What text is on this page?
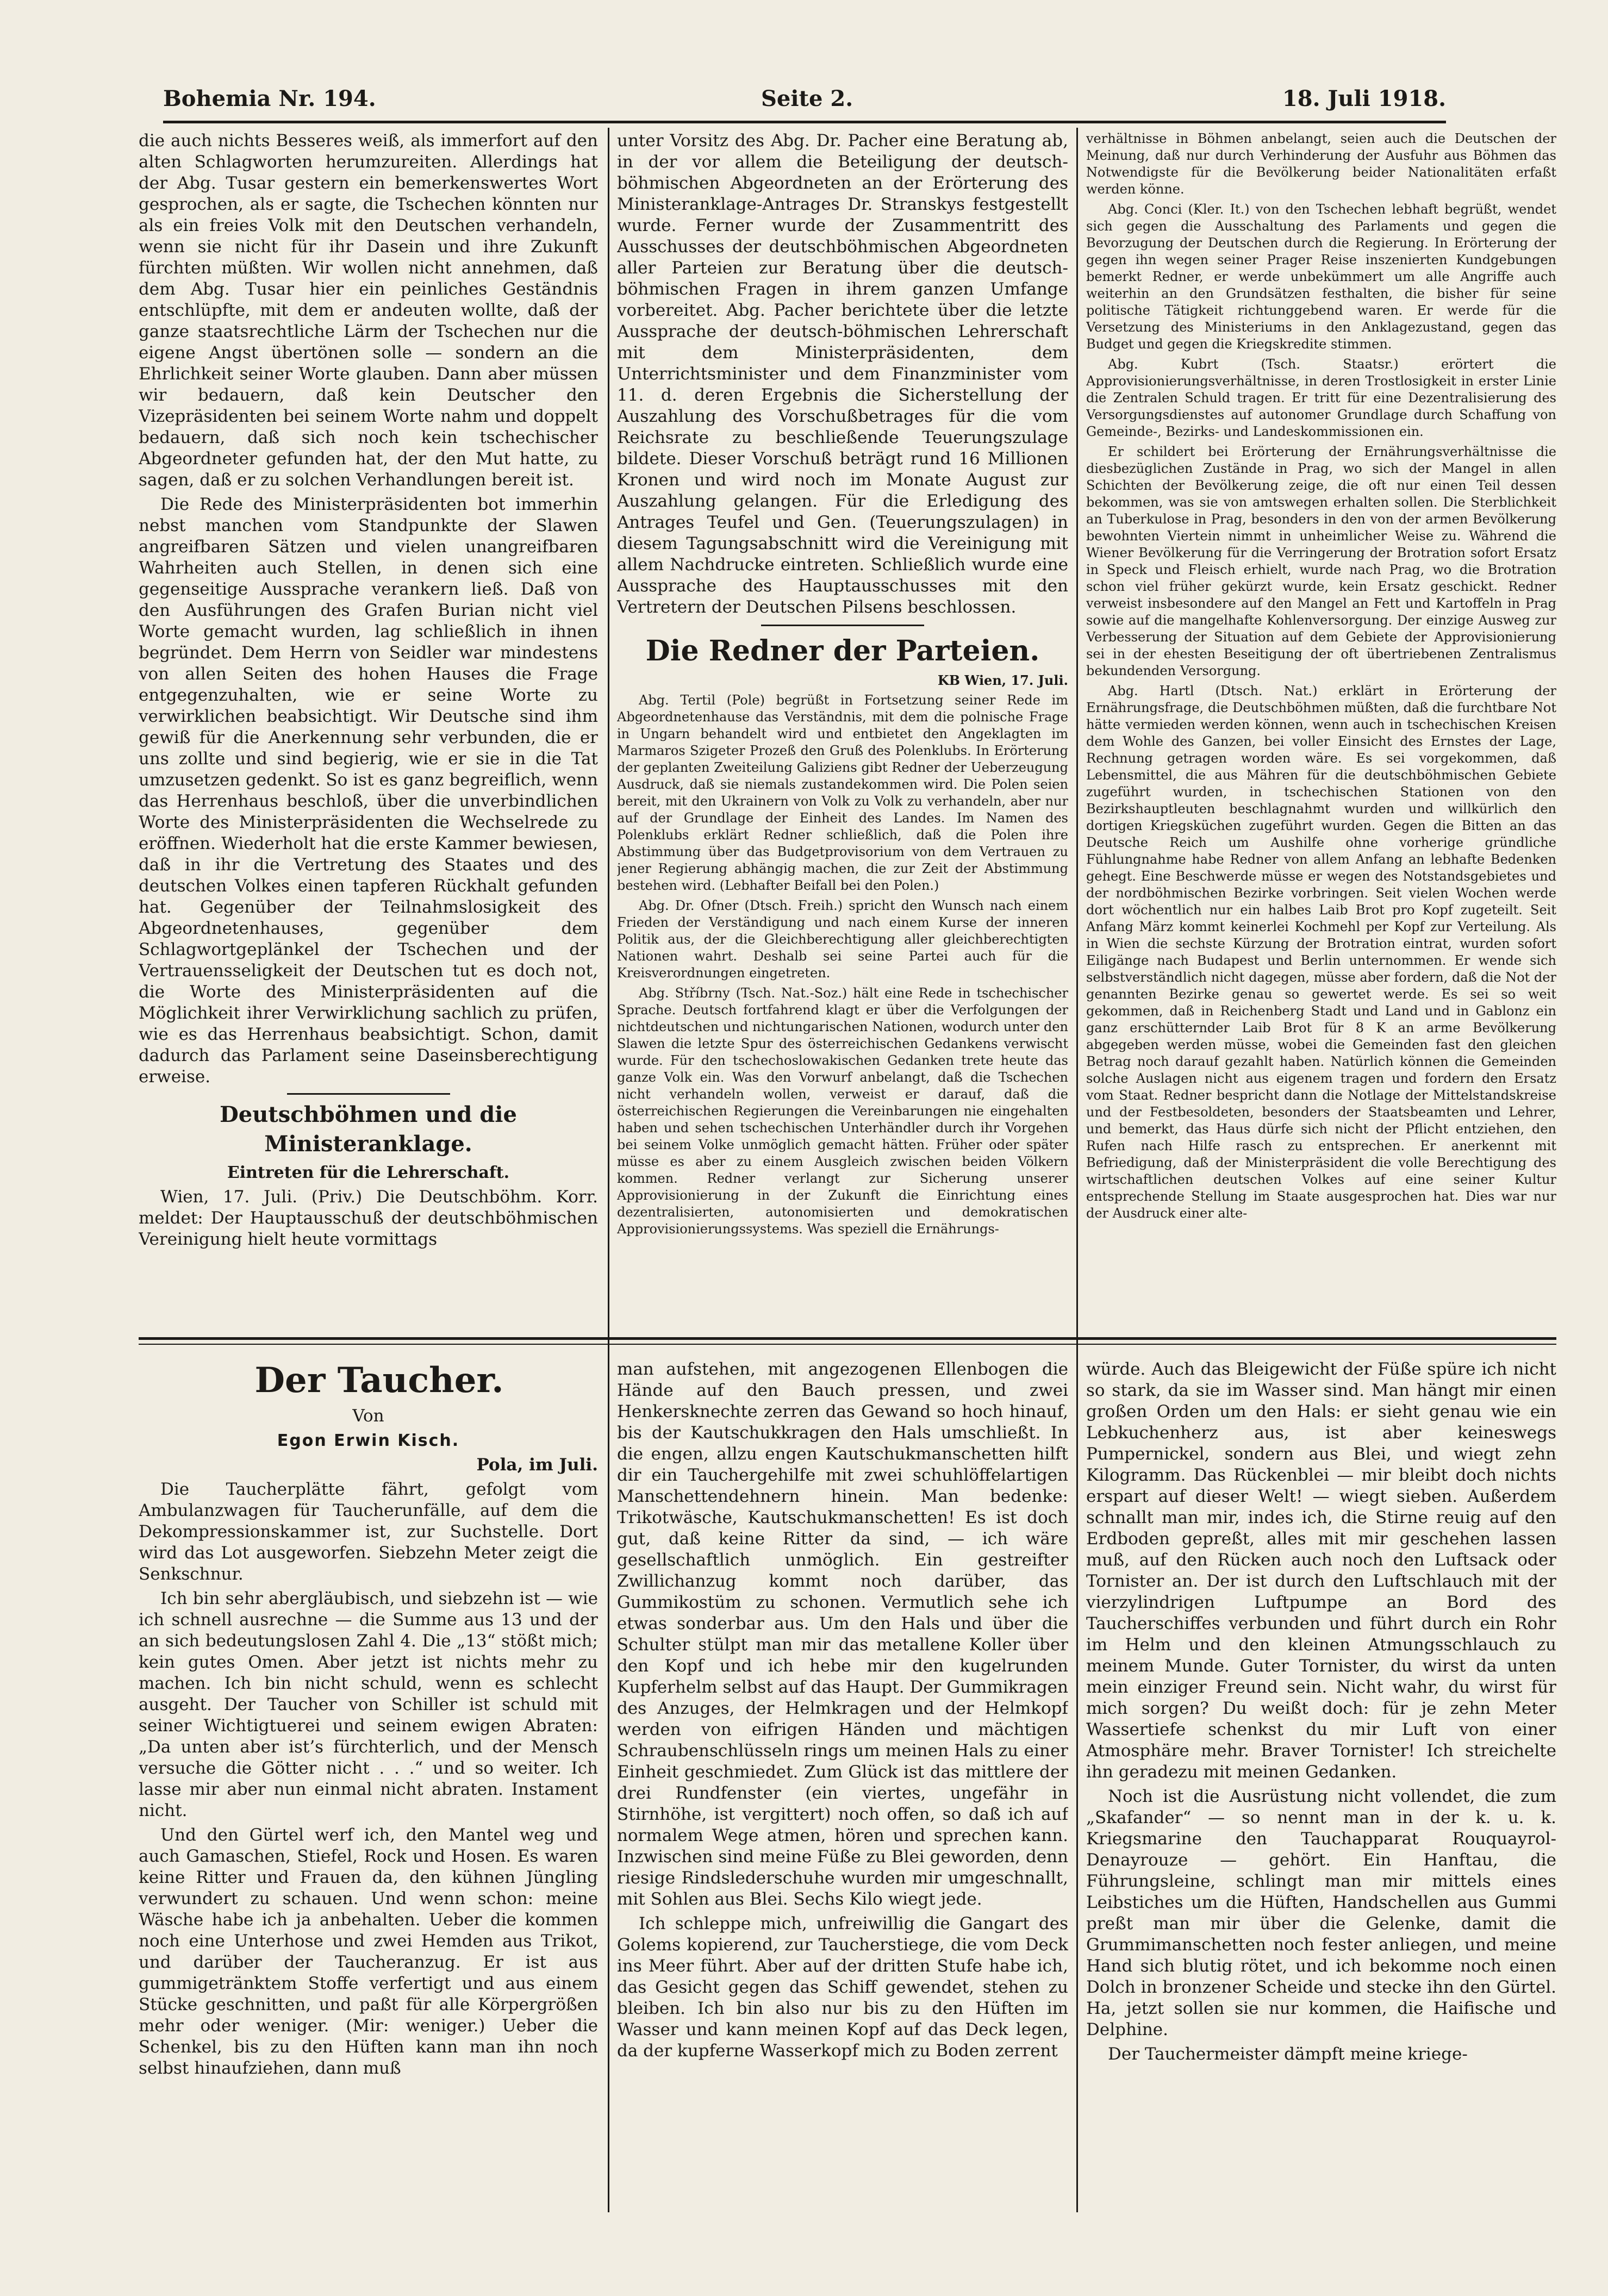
Bohemia Nr. 194.	Seite 2.	18. Juli 1918.

die auch nichts Besseres weiß, als immerfort auf den alten Schlagworten herumzureiten. Allerdings hat der Abg. Tusar gestern ein bemerkenswertes Wort gesprochen, als er sagte, die Tschechen könnten nur als ein freies Volk mit den Deutschen verhandeln, wenn sie nicht für ihr Dasein und ihre Zukunft fürchten müßten. Wir wollen nicht annehmen, daß dem Abg. Tusar hier ein peinliches Geständnis entschlüpfte, mit dem er andeuten wollte, daß der ganze staatsrechtliche Lärm der Tschechen nur die eigene Angst übertönen solle — sondern an die Ehrlichkeit seiner Worte glauben. Dann aber müssen wir bedauern, daß kein Deutscher den Vizepräsidenten bei seinem Worte nahm und doppelt bedauern, daß sich noch kein tschechischer Abgeordneter gefunden hat, der den Mut hatte, zu sagen, daß er zu solchen Verhandlungen bereit ist.

Die Rede des Ministerpräsidenten bot immerhin nebst manchen vom Standpunkte der Slawen angreifbaren Sätzen und vielen unangreifbaren Wahrheiten auch Stellen, in denen sich eine gegenseitige Aussprache verankern ließ. Daß von den Ausführungen des Grafen Burian nicht viel Worte gemacht wurden, lag schließlich in ihnen begründet. Dem Herrn von Seidler war mindestens von allen Seiten des hohen Hauses die Frage entgegenzuhalten, wie er seine Worte zu verwirklichen beabsichtigt. Wir Deutsche sind ihm gewiß für die Anerkennung sehr verbunden, die er uns zollte und sind begierig, wie er sie in die Tat umzusetzen gedenkt. So ist es ganz begreiflich, wenn das Herrenhaus beschloß, über die unverbindlichen Worte des Ministerpräsidenten die Wechselrede zu eröffnen. Wiederholt hat die erste Kammer bewiesen, daß in ihr die Vertretung des Staates und des deutschen Volkes einen tapferen Rückhalt gefunden hat. Gegenüber der Teilnahmslosigkeit des Abgeordnetenhauses, gegenüber dem Schlagwortgeplänkel der Tschechen und der Vertrauensseligkeit der Deutschen tut es doch not, die Worte des Ministerpräsidenten auf die Möglichkeit ihrer Verwirklichung sachlich zu prüfen, wie es das Herrenhaus beabsichtigt. Schon, damit dadurch das Parlament seine Daseinsberechtigung erweise.

Deutschböhmen und die Ministeranklage.

Eintreten für die Lehrerschaft.

Wien, 17. Juli. (Priv.) Die Deutschböhm. Korr. meldet: Der Hauptausschuß der deutschböhmischen Vereinigung hielt heute vormittags

unter Vorsitz des Abg. Dr. Pacher eine Beratung ab, in der vor allem die Beteiligung der deutsch-böhmischen Abgeordneten an der Erörterung des Ministeranklage-Antrages Dr. Stranskys festgestellt wurde. Ferner wurde der Zusammentritt des Ausschusses der deutschböhmischen Abgeordneten aller Parteien zur Beratung über die deutsch-böhmischen Fragen in ihrem ganzen Umfange vorbereitet. Abg. Pacher berichtete über die letzte Aussprache der deutsch-böhmischen Lehrerschaft mit dem Ministerpräsidenten, dem Unterrichtsminister und dem Finanzminister vom 11. d. deren Ergebnis die Sicherstellung der Auszahlung des Vorschußbetrages für die vom Reichsrate zu beschließende Teuerungszulage bildete. Dieser Vorschuß beträgt rund 16 Millionen Kronen und wird noch im Monate August zur Auszahlung gelangen. Für die Erledigung des Antrages Teufel und Gen. (Teuerungszulagen) in diesem Tagungsabschnitt wird die Vereinigung mit allem Nachdrucke eintreten. Schließlich wurde eine Aussprache des Hauptausschusses mit den Vertretern der Deutschen Pilsens beschlossen.

Die Redner der Parteien.

KB Wien, 17. Juli.

Abg. Tertil (Pole) begrüßt in Fortsetzung seiner Rede im Abgeordnetenhause das Verständnis, mit dem die polnische Frage in Ungarn behandelt wird und entbietet den Angeklagten im Marmaros Szigeter Prozeß den Gruß des Polenklubs. In Erörterung der geplanten Zweiteilung Galiziens gibt Redner der Ueberzeugung Ausdruck, daß sie niemals zustandekommen wird. Die Polen seien bereit, mit den Ukrainern von Volk zu Volk zu verhandeln, aber nur auf der Grundlage der Einheit des Landes. Im Namen des Polenklubs erklärt Redner schließlich, daß die Polen ihre Abstimmung über das Budgetprovisorium von dem Vertrauen zu jener Regierung abhängig machen, die zur Zeit der Abstimmung bestehen wird. (Lebhafter Beifall bei den Polen.)

Abg. Dr. Ofner (Dtsch. Freih.) spricht den Wunsch nach einem Frieden der Verständigung und nach einem Kurse der inneren Politik aus, der die Gleichberechtigung aller gleichberechtigten Nationen wahrt. Deshalb sei seine Partei auch für die Kreisverordnungen eingetreten.

Abg. Stříbrny (Tsch. Nat.-Soz.) hält eine Rede in tschechischer Sprache. Deutsch fortfahrend klagt er über die Verfolgungen der nichtdeutschen und nichtungarischen Nationen, wodurch unter den Slawen die letzte Spur des österreichischen Gedankens verwischt wurde. Für den tschechoslowakischen Gedanken trete heute das ganze Volk ein. Was den Vorwurf anbelangt, daß die Tschechen nicht verhandeln wollen, verweist er darauf, daß die österreichischen Regierungen die Vereinbarungen nie eingehalten haben und sehen tschechischen Unterhändler durch ihr Vorgehen bei seinem Volke unmöglich gemacht hätten. Früher oder später müsse es aber zu einem Ausgleich zwischen beiden Völkern kommen. Redner verlangt zur Sicherung unserer Approvisionierung in der Zukunft die Einrichtung eines dezentralisierten, autonomisierten und demokratischen Approvisionierungssystems. Was speziell die Ernährungs-

verhältnisse in Böhmen anbelangt, seien auch die Deutschen der Meinung, daß nur durch Verhinderung der Ausfuhr aus Böhmen das Notwendigste für die Bevölkerung beider Nationalitäten erfaßt werden könne.

Abg. Conci (Kler. It.) von den Tschechen lebhaft begrüßt, wendet sich gegen die Ausschaltung des Parlaments und gegen die Bevorzugung der Deutschen durch die Regierung. In Erörterung der gegen ihn wegen seiner Prager Reise inszenierten Kundgebungen bemerkt Redner, er werde unbekümmert um alle Angriffe auch weiterhin an den Grundsätzen festhalten, die bisher für seine politische Tätigkeit richtunggebend waren. Er werde für die Versetzung des Ministeriums in den Anklagezustand, gegen das Budget und gegen die Kriegskredite stimmen.

Abg. Kubrt (Tsch. Staatsr.) erörtert die Approvisionierungsverhältnisse, in deren Trostlosigkeit in erster Linie die Zentralen Schuld tragen. Er tritt für eine Dezentralisierung des Versorgungsdienstes auf autonomer Grundlage durch Schaffung von Gemeinde-, Bezirks- und Landeskommissionen ein.

Er schildert bei Erörterung der Ernährungsverhältnisse die diesbezüglichen Zustände in Prag, wo sich der Mangel in allen Schichten der Bevölkerung zeige, die oft nur einen Teil dessen bekommen, was sie von amtswegen erhalten sollen. Die Sterblichkeit an Tuberkulose in Prag, besonders in den von der armen Bevölkerung bewohnten Viertein nimmt in unheimlicher Weise zu. Während die Wiener Bevölkerung für die Verringerung der Brotration sofort Ersatz in Speck und Fleisch erhielt, wurde nach Prag, wo die Brotration schon viel früher gekürzt wurde, kein Ersatz geschickt. Redner verweist insbesondere auf den Mangel an Fett und Kartoffeln in Prag sowie auf die mangelhafte Kohlenversorgung. Der einzige Ausweg zur Verbesserung der Situation auf dem Gebiete der Approvisionierung sei in der ehesten Beseitigung der oft übertriebenen Zentralismus bekundenden Versorgung.

Abg. Hartl (Dtsch. Nat.) erklärt in Erörterung der Ernährungsfrage, die Deutschböhmen müßten, daß die furchtbare Not hätte vermieden werden können, wenn auch in tschechischen Kreisen dem Wohle des Ganzen, bei voller Einsicht des Ernstes der Lage, Rechnung getragen worden wäre. Es sei vorgekommen, daß Lebensmittel, die aus Mähren für die deutschböhmischen Gebiete zugeführt wurden, in tschechischen Stationen von den Bezirkshauptleuten beschlagnahmt wurden und willkürlich den dortigen Kriegsküchen zugeführt wurden. Gegen die Bitten an das Deutsche Reich um Aushilfe ohne vorherige gründliche Fühlungnahme habe Redner von allem Anfang an lebhafte Bedenken gehegt. Eine Beschwerde müsse er wegen des Notstandsgebietes und der nordböhmischen Bezirke vorbringen. Seit vielen Wochen werde dort wöchentlich nur ein halbes Laib Brot pro Kopf zugeteilt. Seit Anfang März kommt keinerlei Kochmehl per Kopf zur Verteilung. Als in Wien die sechste Kürzung der Brotration eintrat, wurden sofort Eiligänge nach Budapest und Berlin unternommen. Er wende sich selbstverständlich nicht dagegen, müsse aber fordern, daß die Not der genannten Bezirke genau so gewertet werde. Es sei so weit gekommen, daß in Reichenberg Stadt und Land und in Gablonz ein ganz erschütternder Laib Brot für 8 K an arme Bevölkerung abgegeben werden müsse, wobei die Gemeinden fast den gleichen Betrag noch darauf gezahlt haben. Natürlich können die Gemeinden solche Auslagen nicht aus eigenem tragen und fordern den Ersatz vom Staat. Redner bespricht dann die Notlage der Mittelstandskreise und der Festbesoldeten, besonders der Staatsbeamten und Lehrer, und bemerkt, das Haus dürfe sich nicht der Pflicht entziehen, den Rufen nach Hilfe rasch zu entsprechen. Er anerkennt mit Befriedigung, daß der Ministerpräsident die volle Berechtigung des wirtschaftlichen deutschen Volkes auf eine seiner Kultur entsprechende Stellung im Staate ausgesprochen hat. Dies war nur der Ausdruck einer alte-

Der Taucher.

Von

Egon Erwin Kisch.

Pola, im Juli.

Die Taucherplätte fährt, gefolgt vom Ambulanzwagen für Taucherunfälle, auf dem die Dekompressionskammer ist, zur Suchstelle. Dort wird das Lot ausgeworfen. Siebzehn Meter zeigt die Senkschnur.

Ich bin sehr abergläubisch, und siebzehn ist — wie ich schnell ausrechne — die Summe aus 13 und der an sich bedeutungslosen Zahl 4. Die „13“ stößt mich; kein gutes Omen. Aber jetzt ist nichts mehr zu machen. Ich bin nicht schuld, wenn es schlecht ausgeht. Der Taucher von Schiller ist schuld mit seiner Wichtigtuerei und seinem ewigen Abraten: „Da unten aber ist’s fürchterlich, und der Mensch versuche die Götter nicht . . .“ und so weiter. Ich lasse mir aber nun einmal nicht abraten. Instament nicht.

Und den Gürtel werf ich, den Mantel weg und auch Gamaschen, Stiefel, Rock und Hosen. Es waren keine Ritter und Frauen da, den kühnen Jüngling verwundert zu schauen. Und wenn schon: meine Wäsche habe ich ja anbehalten. Ueber die kommen noch eine Unterhose und zwei Hemden aus Trikot, und darüber der Taucheranzug. Er ist aus gummigetränktem Stoffe verfertigt und aus einem Stücke geschnitten, und paßt für alle Körpergrößen mehr oder weniger. (Mir: weniger.) Ueber die Schenkel, bis zu den Hüften kann man ihn noch selbst hinaufziehen, dann muß

man aufstehen, mit angezogenen Ellenbogen die Hände auf den Bauch pressen, und zwei Henkersknechte zerren das Gewand so hoch hinauf, bis der Kautschukkragen den Hals umschließt. In die engen, allzu engen Kautschukmanschetten hilft dir ein Tauchergehilfe mit zwei schuhlöffelartigen Manschettendehnern hinein. Man bedenke: Trikotwäsche, Kautschukmanschetten! Es ist doch gut, daß keine Ritter da sind, — ich wäre gesellschaftlich unmöglich. Ein gestreifter Zwillichanzug kommt noch darüber, das Gummikostüm zu schonen. Vermutlich sehe ich etwas sonderbar aus. Um den Hals und über die Schulter stülpt man mir das metallene Koller über den Kopf und ich hebe mir den kugelrunden Kupferhelm selbst auf das Haupt. Der Gummikragen des Anzuges, der Helmkragen und der Helmkopf werden von eifrigen Händen und mächtigen Schraubenschlüsseln rings um meinen Hals zu einer Einheit geschmiedet. Zum Glück ist das mittlere der drei Rundfenster (ein viertes, ungefähr in Stirnhöhe, ist vergittert) noch offen, so daß ich auf normalem Wege atmen, hören und sprechen kann. Inzwischen sind meine Füße zu Blei geworden, denn riesige Rindslederschuhe wurden mir umgeschnallt, mit Sohlen aus Blei. Sechs Kilo wiegt jede.

Ich schleppe mich, unfreiwillig die Gangart des Golems kopierend, zur Taucherstiege, die vom Deck ins Meer führt. Aber auf der dritten Stufe habe ich, das Gesicht gegen das Schiff gewendet, stehen zu bleiben. Ich bin also nur bis zu den Hüften im Wasser und kann meinen Kopf auf das Deck legen, da der kupferne Wasserkopf mich zu Boden zerrent

würde. Auch das Bleigewicht der Füße spüre ich nicht so stark, da sie im Wasser sind. Man hängt mir einen großen Orden um den Hals: er sieht genau wie ein Lebkuchenherz aus, ist aber keineswegs Pumpernickel, sondern aus Blei, und wiegt zehn Kilogramm. Das Rückenblei — mir bleibt doch nichts erspart auf dieser Welt! — wiegt sieben. Außerdem schnallt man mir, indes ich, die Stirne reuig auf den Erdboden gepreßt, alles mit mir geschehen lassen muß, auf den Rücken auch noch den Luftsack oder Tornister an. Der ist durch den Luftschlauch mit der vierzylindrigen Luftpumpe an Bord des Taucherschiffes verbunden und führt durch ein Rohr im Helm und den kleinen Atmungsschlauch zu meinem Munde. Guter Tornister, du wirst da unten mein einziger Freund sein. Nicht wahr, du wirst für mich sorgen? Du weißt doch: für je zehn Meter Wassertiefe schenkst du mir Luft von einer Atmosphäre mehr. Braver Tornister! Ich streichelte ihn geradezu mit meinen Gedanken.

Noch ist die Ausrüstung nicht vollendet, die zum „Skafander“ — so nennt man in der k. u. k. Kriegsmarine den Tauchapparat Rouquayrol-Denayrouze — gehört. Ein Hanftau, die Führungsleine, schlingt man mir mittels eines Leibstiches um die Hüften, Handschellen aus Gummi preßt man mir über die Gelenke, damit die Grummimanschetten noch fester anliegen, und meine Hand sich blutig rötet, und ich bekomme noch einen Dolch in bronzener Scheide und stecke ihn den Gürtel. Ha, jetzt sollen sie nur kommen, die Haifische und Delphine.

Der Tauchermeister dämpft meine kriege-
